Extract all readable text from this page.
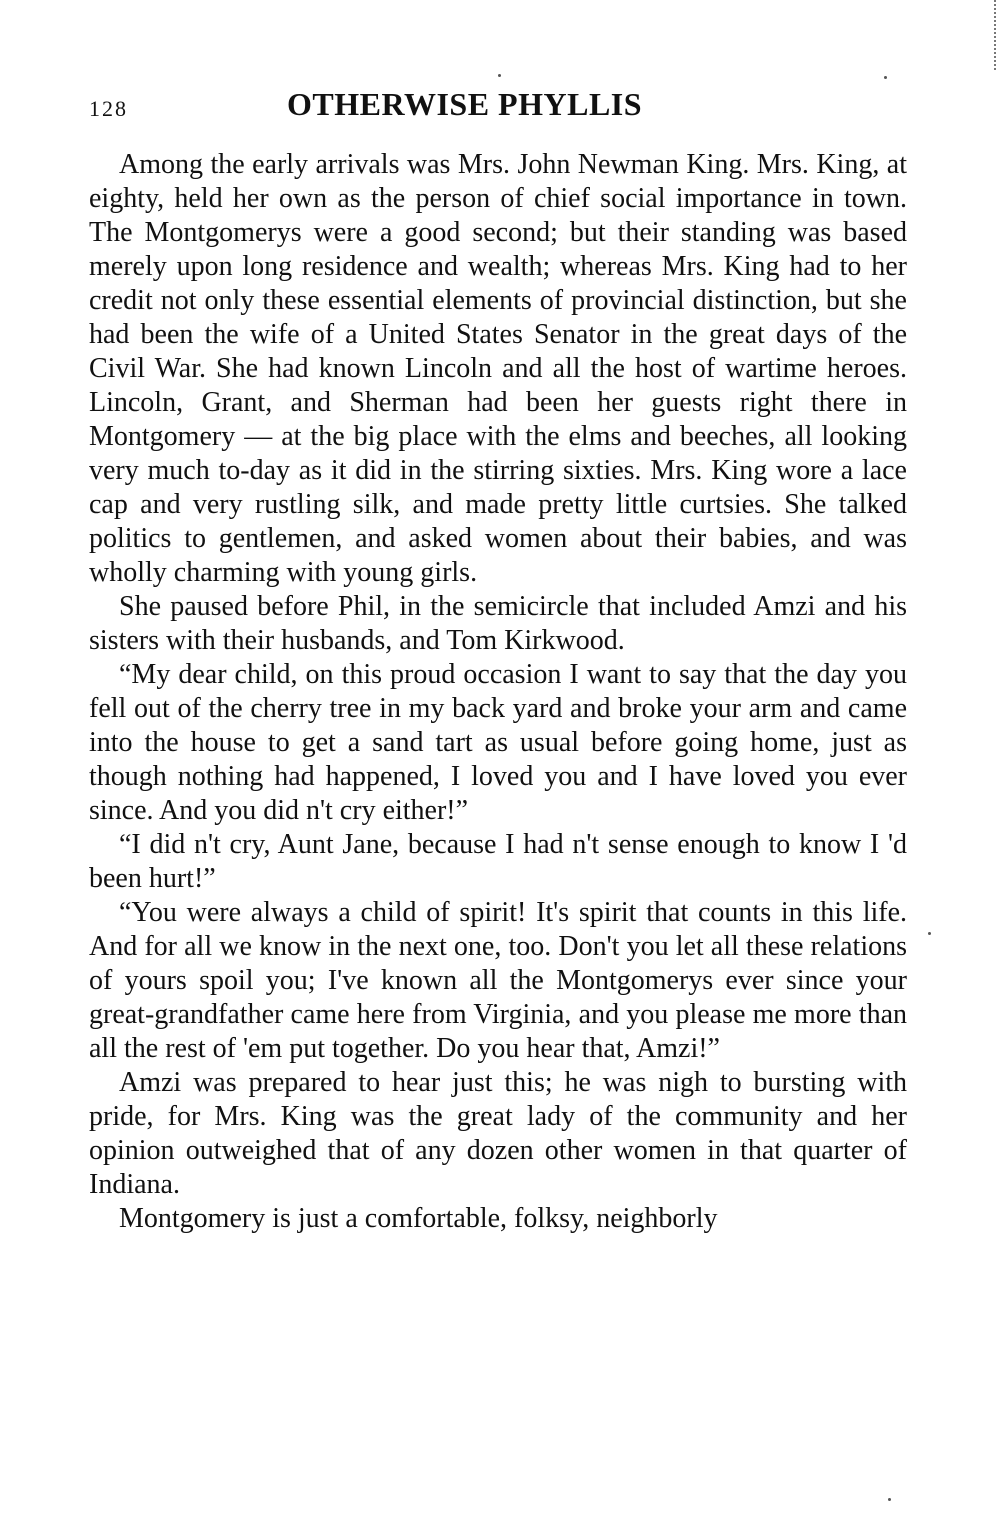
128	OTHERWISE PHYLLIS

Among the early arrivals was Mrs. John Newman King. Mrs. King, at eighty, held her own as the person of chief social importance in town. The Montgomerys were a good second; but their standing was based merely upon long residence and wealth; whereas Mrs. King had to her credit not only these essential elements of provincial distinction, but she had been the wife of a United States Senator in the great days of the Civil War. She had known Lincoln and all the host of wartime heroes. Lincoln, Grant, and Sherman had been her guests right there in Montgomery — at the big place with the elms and beeches, all looking very much to-day as it did in the stirring sixties. Mrs. King wore a lace cap and very rustling silk, and made pretty little curtsies. She talked politics to gentlemen, and asked women about their babies, and was wholly charming with young girls.

She paused before Phil, in the semicircle that included Amzi and his sisters with their husbands, and Tom Kirkwood.

“My dear child, on this proud occasion I want to say that the day you fell out of the cherry tree in my back yard and broke your arm and came into the house to get a sand tart as usual before going home, just as though nothing had happened, I loved you and I have loved you ever since. And you did n't cry either!”

“I did n't cry, Aunt Jane, because I had n't sense enough to know I 'd been hurt!”

“You were always a child of spirit! It's spirit that counts in this life. And for all we know in the next one, too. Don't you let all these relations of yours spoil you; I've known all the Montgomerys ever since your great-grandfather came here from Virginia, and you please me more than all the rest of 'em put together. Do you hear that, Amzi!”

Amzi was prepared to hear just this; he was nigh to bursting with pride, for Mrs. King was the great lady of the community and her opinion outweighed that of any dozen other women in that quarter of Indiana.

Montgomery is just a comfortable, folksy, neighborly
